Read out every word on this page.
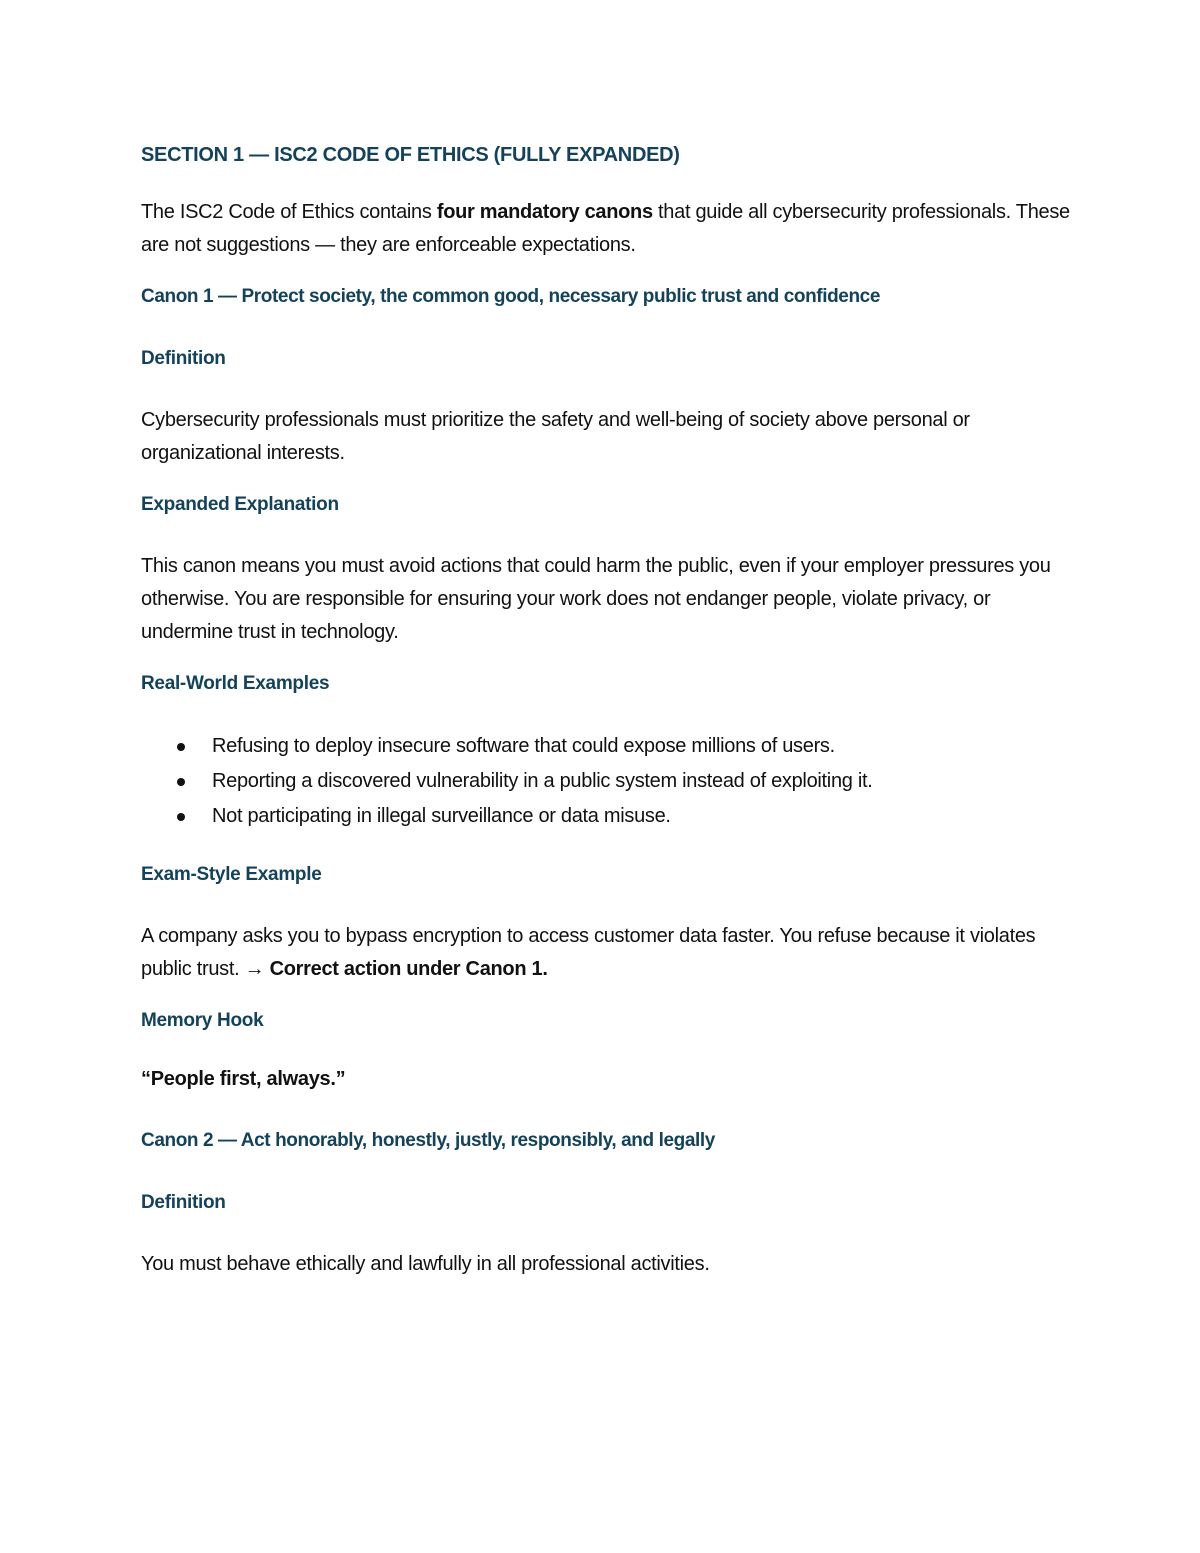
SECTION 1 — ISC2 CODE OF ETHICS (FULLY EXPANDED)

The ISC2 Code of Ethics contains four mandatory canons that guide all cybersecurity professionals. These are not suggestions — they are enforceable expectations.

Canon 1 — Protect society, the common good, necessary public trust and confidence
Definition

Cybersecurity professionals must prioritize the safety and well-being of society above personal or organizational interests.

Expanded Explanation

This canon means you must avoid actions that could harm the public, even if your employer pressures you otherwise. You are responsible for ensuring your work does not endanger people, violate privacy, or undermine trust in technology.

Real-World Examples
Refusing to deploy insecure software that could expose millions of users.
Reporting a discovered vulnerability in a public system instead of exploiting it.
Not participating in illegal surveillance or data misuse.
Exam-Style Example

A company asks you to bypass encryption to access customer data faster. You refuse because it violates public trust. → Correct action under Canon 1.

Memory Hook
“People first, always.”
Canon 2 — Act honorably, honestly, justly, responsibly, and legally
Definition

You must behave ethically and lawfully in all professional activities.
